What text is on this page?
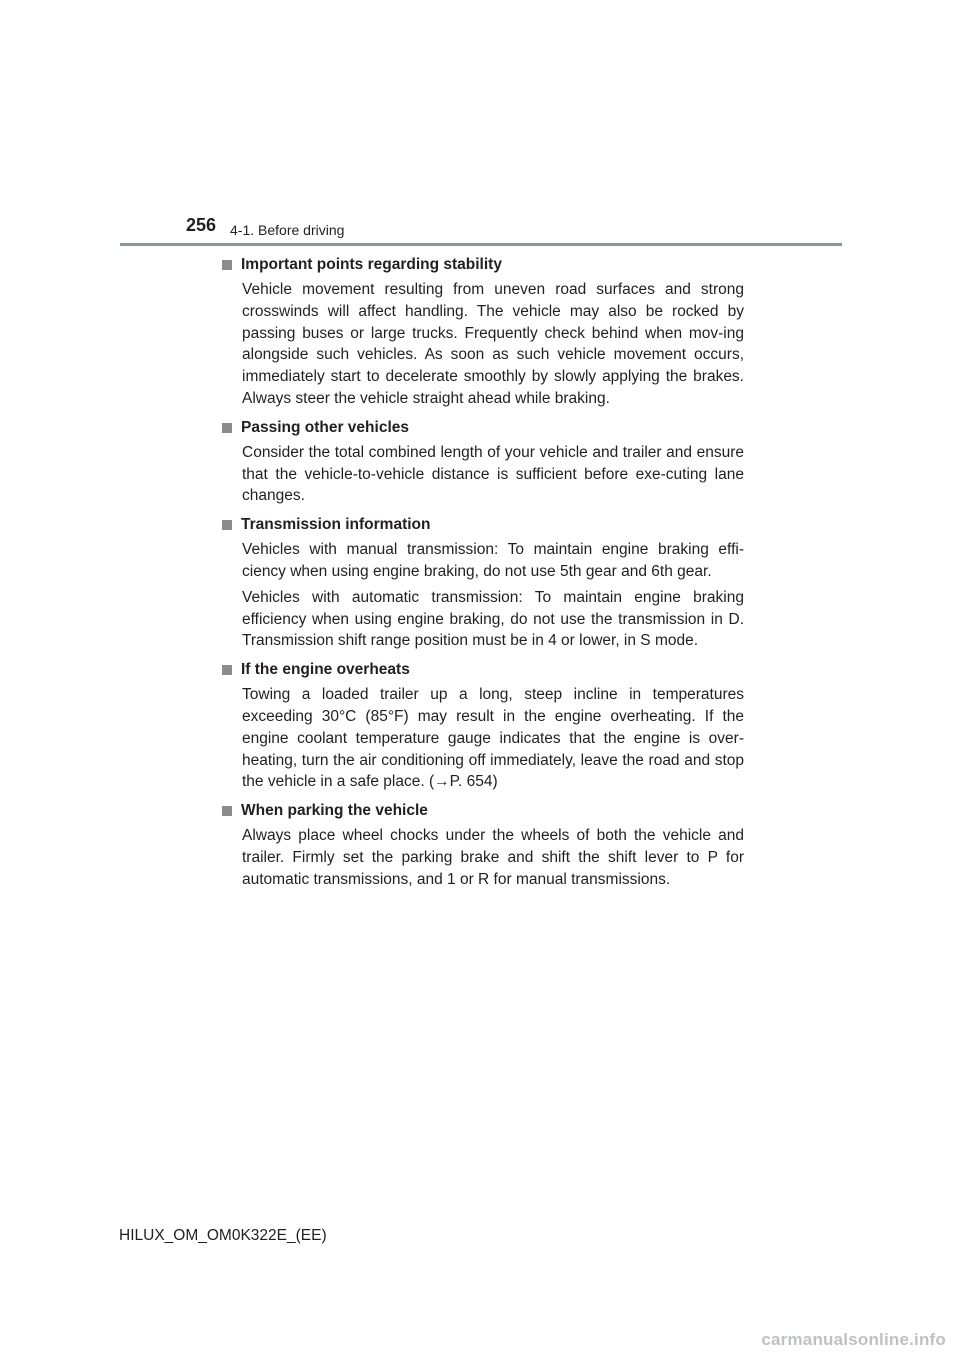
256 4-1. Before driving
Important points regarding stability

Vehicle movement resulting from uneven road surfaces and strong crosswinds will affect handling. The vehicle may also be rocked by passing buses or large trucks. Frequently check behind when mov-ing alongside such vehicles. As soon as such vehicle movement occurs, immediately start to decelerate smoothly by slowly applying the brakes. Always steer the vehicle straight ahead while braking.

Passing other vehicles

Consider the total combined length of your vehicle and trailer and ensure that the vehicle-to-vehicle distance is sufficient before exe-cuting lane changes.

Transmission information

Vehicles with manual transmission: To maintain engine braking effi-ciency when using engine braking, do not use 5th gear and 6th gear.

Vehicles with automatic transmission: To maintain engine braking efficiency when using engine braking, do not use the transmission in D. Transmission shift range position must be in 4 or lower, in S mode.

If the engine overheats

Towing a loaded trailer up a long, steep incline in temperatures exceeding 30°C (85°F) may result in the engine overheating. If the engine coolant temperature gauge indicates that the engine is over-heating, turn the air conditioning off immediately, leave the road and stop the vehicle in a safe place. (→P. 654)

When parking the vehicle

Always place wheel chocks under the wheels of both the vehicle and trailer. Firmly set the parking brake and shift the shift lever to P for automatic transmissions, and 1 or R for manual transmissions.

HILUX_OM_OM0K322E_(EE)
carmanualsonline.info
